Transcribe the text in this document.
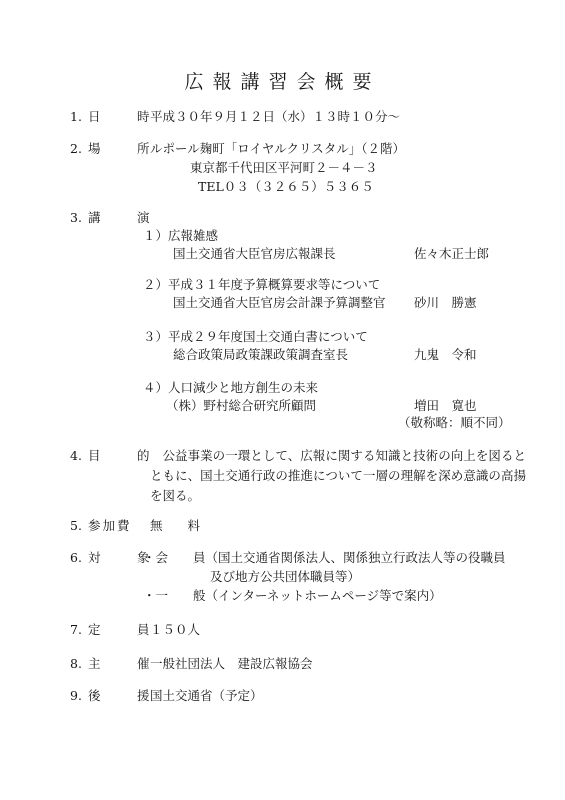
広報講習会概要
1. 日　時
平成３０年９月１２日（水）１３時１０分〜
2. 場　所
ルポール麹町「ロイヤルクリスタル」（２階）
東京都千代田区平河町２－４－３
TEL０３（３２６５）５３６５
3. 講　演
１）広報雑感
国土交通省大臣官房広報課長	佐々木正士郎
２）平成３１年度予算概算要求等について
国土交通省大臣官房会計課予算調整官 砂川　勝憲
３）平成２９年度国土交通白書について
総合政策局政策課政策調査室長	九鬼　令和
４）人口減少と地方創生の未来
（株）野村総合研究所顧問	増田　寛也
（敬称略：順不同）
4. 目　的 公益事業の一環として、広報に関する知識と技術の向上を図るとともに、国土交通行政の推進について一層の理解を深め意識の高揚を図る。
5. 参加費 無　　料
6. 対　象
・会　　員（国土交通省関係法人、関係独立行政法人等の役職員
及び地方公共団体職員等）
・一　　般（インターネットホームページ等で案内）
7. 定　員
１５０人
8. 主　催
一般社団法人　建設広報協会
9. 後　援
国土交通省（予定）
